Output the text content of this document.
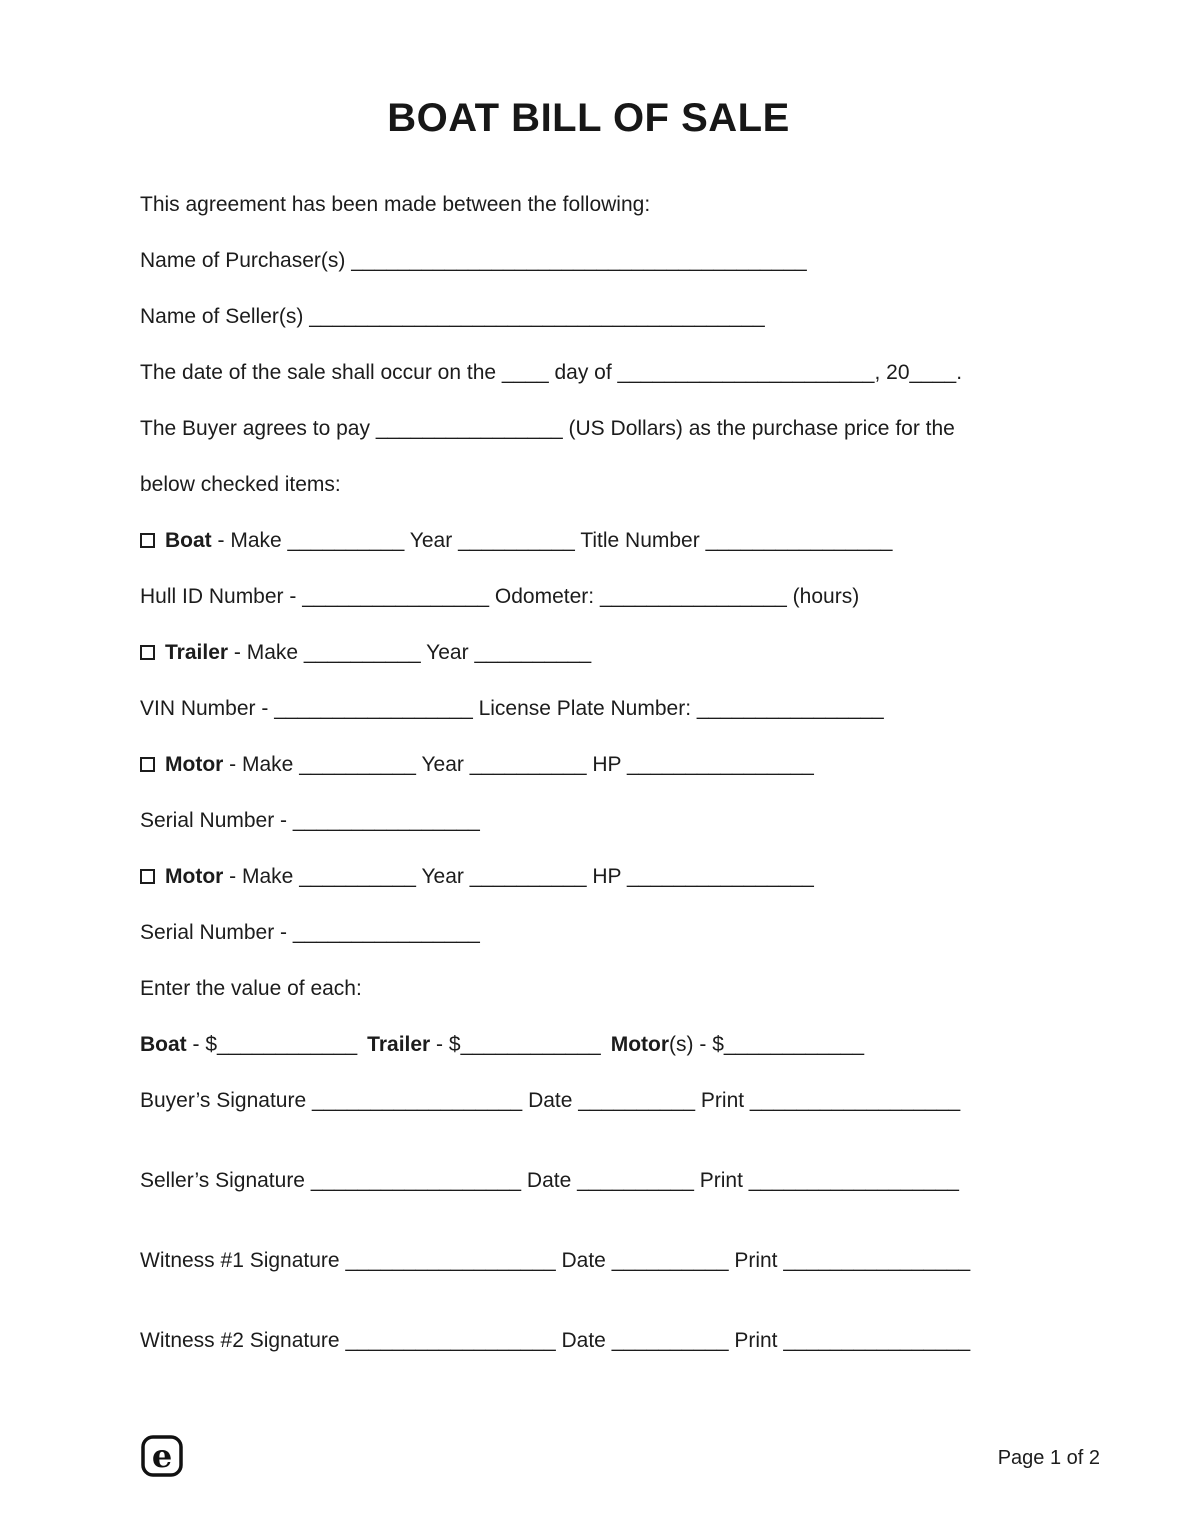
BOAT BILL OF SALE

This agreement has been made between the following:

Name of Purchaser(s) _______________________________________

Name of Seller(s) _______________________________________

The date of the sale shall occur on the ____ day of ______________________, 20____.

The Buyer agrees to pay ________________ (US Dollars) as the purchase price for the

below checked items:

Boat - Make __________ Year __________ Title Number ________________

Hull ID Number - ________________ Odometer: ________________ (hours)

Trailer - Make __________ Year __________

VIN Number - _________________ License Plate Number: ________________

Motor - Make __________ Year __________ HP ________________

Serial Number - ________________

Motor - Make __________ Year __________ HP ________________

Serial Number - ________________

Enter the value of each:

Boat - $____________ Trailer - $____________ Motor(s) - $____________

Buyer’s Signature __________________ Date __________ Print __________________

Seller’s Signature __________________ Date __________ Print __________________

Witness #1 Signature __________________ Date __________ Print ________________

Witness #2 Signature __________________ Date __________ Print ________________

e	Page 1 of 2
